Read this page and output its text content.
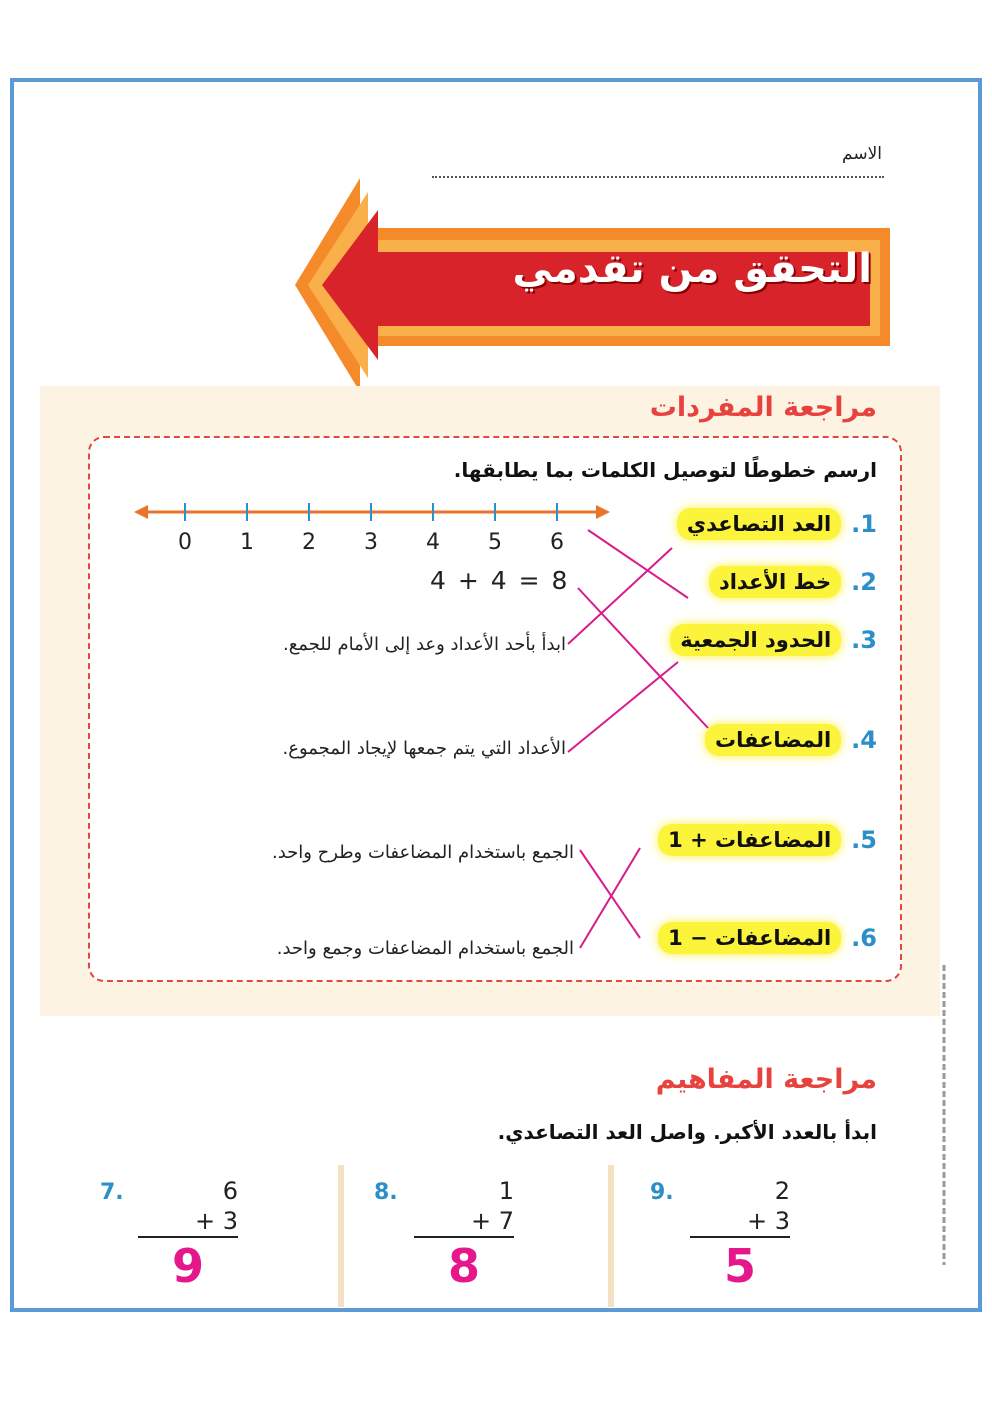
الاسم
التحقق من تقدمي
مراجعة المفردات
ارسم خطوطًا لتوصيل الكلمات بما يطابقها.
0 1 2 3 4 5 6
4 + 4 = 8
1.
العد التصاعدي
2.
خط الأعداد
3.
الحدود الجمعية
4.
المضاعفات
5.
المضاعفات + 1
6.
المضاعفات − 1
ابدأ بأحد الأعداد وعد إلى الأمام للجمع.
الأعداد التي يتم جمعها لإيجاد المجموع.
الجمع باستخدام المضاعفات وطرح واحد.
الجمع باستخدام المضاعفات وجمع واحد.
مراجعة المفاهيم
ابدأ بالعدد الأكبر. واصل العد التصاعدي.
7.	6
+ 3
9
8.	1
+ 7
8
9.	2
+ 3
5
